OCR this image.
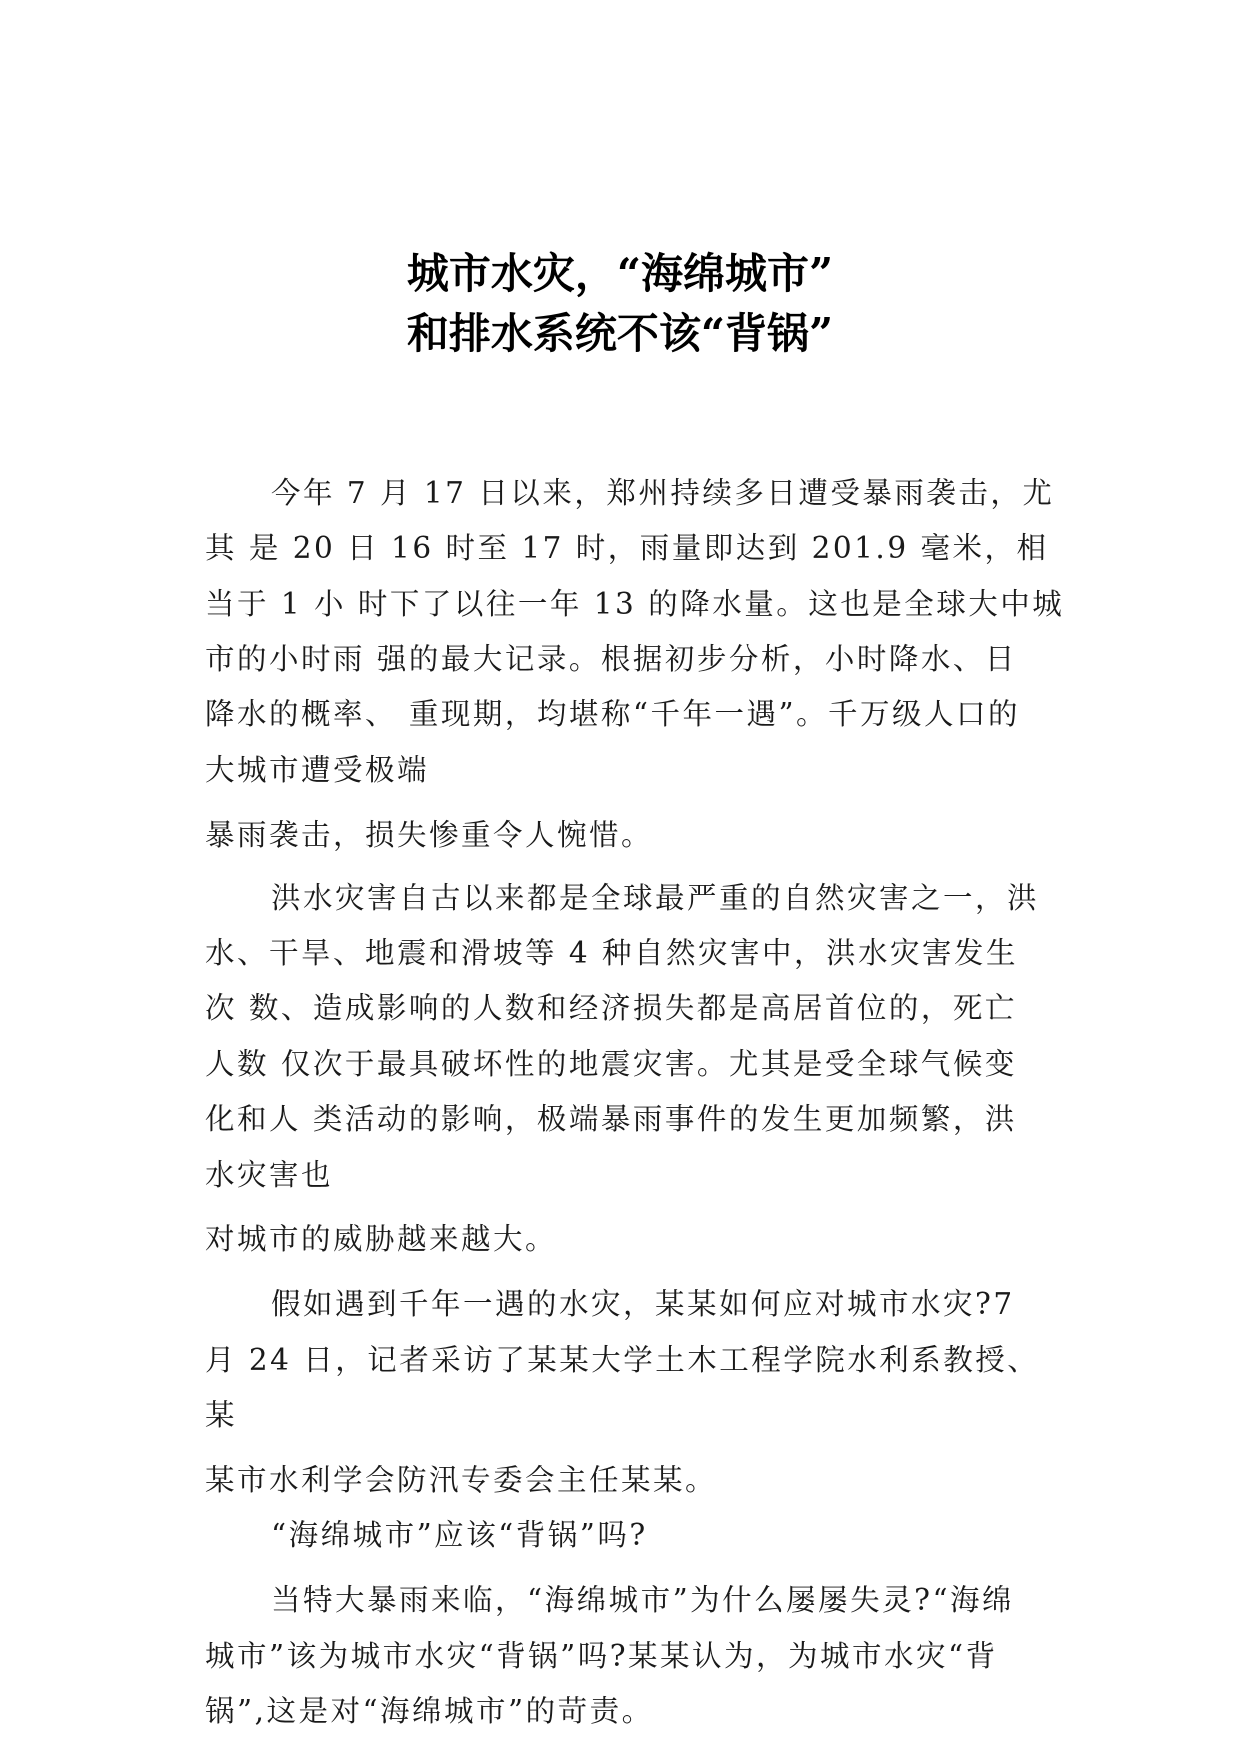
城市水灾，“海绵城市”
和排水系统不该“背锅”
今年 7 月 17 日以来，郑州持续多日遭受暴雨袭击，尤
其 是 20 日 16 时至 17 时，雨量即达到 201.9 毫米，相
当于 1 小 时下了以往一年 13 的降水量。这也是全球大中城
市的小时雨 强的最大记录。根据初步分析，小时降水、日
降水的概率、 重现期，均堪称“千年一遇”。千万级人口的
大城市遭受极端
暴雨袭击，损失惨重令人惋惜。
洪水灾害自古以来都是全球最严重的自然灾害之一，洪
水、干旱、地震和滑坡等 4 种自然灾害中，洪水灾害发生
次 数、造成影响的人数和经济损失都是高居首位的，死亡
人数 仅次于最具破坏性的地震灾害。尤其是受全球气候变
化和人 类活动的影响，极端暴雨事件的发生更加频繁，洪
水灾害也
对城市的威胁越来越大。
假如遇到千年一遇的水灾，某某如何应对城市水灾?7
月 24 日，记者采访了某某大学土木工程学院水利系教授、
某
某市水利学会防汛专委会主任某某。
“海绵城市”应该“背锅”吗?
当特大暴雨来临，“海绵城市”为什么屡屡失灵?“海绵
城市”该为城市水灾“背锅”吗?某某认为，为城市水灾“背
锅”,这是对“海绵城市”的苛责。
